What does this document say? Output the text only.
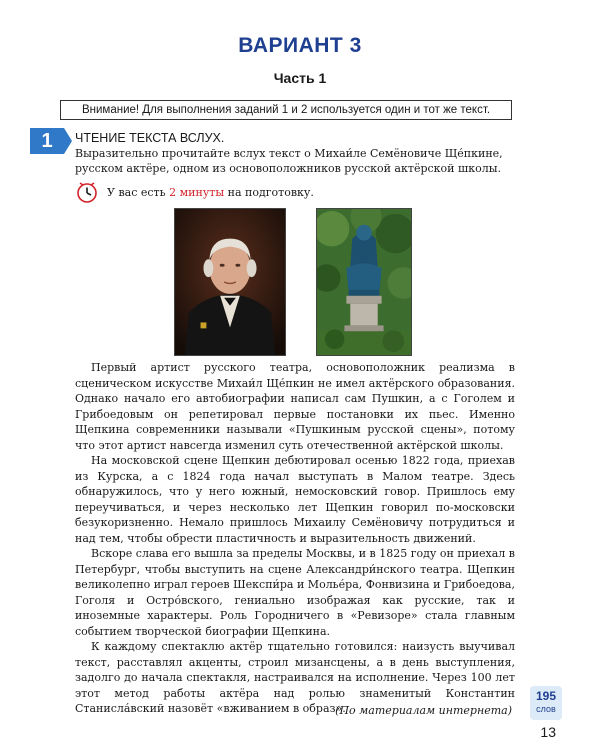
ВАРИАНТ 3
Часть 1
Внимание! Для выполнения заданий 1 и 2 используется один и тот же текст.
1	ЧТЕНИЕ ТЕКСТА ВСЛУХ.
Выразительно прочитайте вслух текст о Михаи́ле Семёновиче Ще́пкине, русском актёре, одном из основоположников русской актёрской школы.
У вас есть 2 минуты на подготовку.

Первый артист русского театра, основоположник реализма в сценическом искусстве Михаи́л Ще́пкин не имел актёрского образования. Однако начало его автобиографии написал сам Пушкин, а с Гоголем и Грибоедовым он репетировал первые постановки их пьес. Именно Щепкина современники называли «Пушкиным русской сцены», потому что этот артист навсегда изменил суть отечественной актёрской школы.

На московской сцене Щепкин дебютировал осенью 1822 года, приехав из Курска, а с 1824 года начал выступать в Малом театре. Здесь обнаружилось, что у него южный, немосковский говор. Пришлось ему переучиваться, и через несколько лет Щепкин говорил по-московски безукоризненно. Немало пришлось Михаилу Семёновичу потрудиться и над тем, чтобы обрести пластичность и выразительность движений.

Вскоре слава его вышла за пределы Москвы, и в 1825 году он приехал в Петербург, чтобы выступить на сцене Александри́нского театра. Щепкин великолепно играл героев Шекспи́ра и Молье́ра, Фонвизина и Грибоедова, Гоголя и Остро́вского, гениально изображая как русские, так и иноземные характеры. Роль Городничего в «Ревизоре» стала главным событием творческой биографии Щепкина.

К каждому спектаклю актёр тщательно готовился: наизусть выучивал текст, расставлял акценты, строил мизансцены, а в день выступления, задолго до начала спектакля, настраивался на исполнение. Через 100 лет этот метод работы актёра над ролью знаменитый Константин Станисла́вский назовёт «вживанием в образ».

(По материалам интернета)
195
слов
13
